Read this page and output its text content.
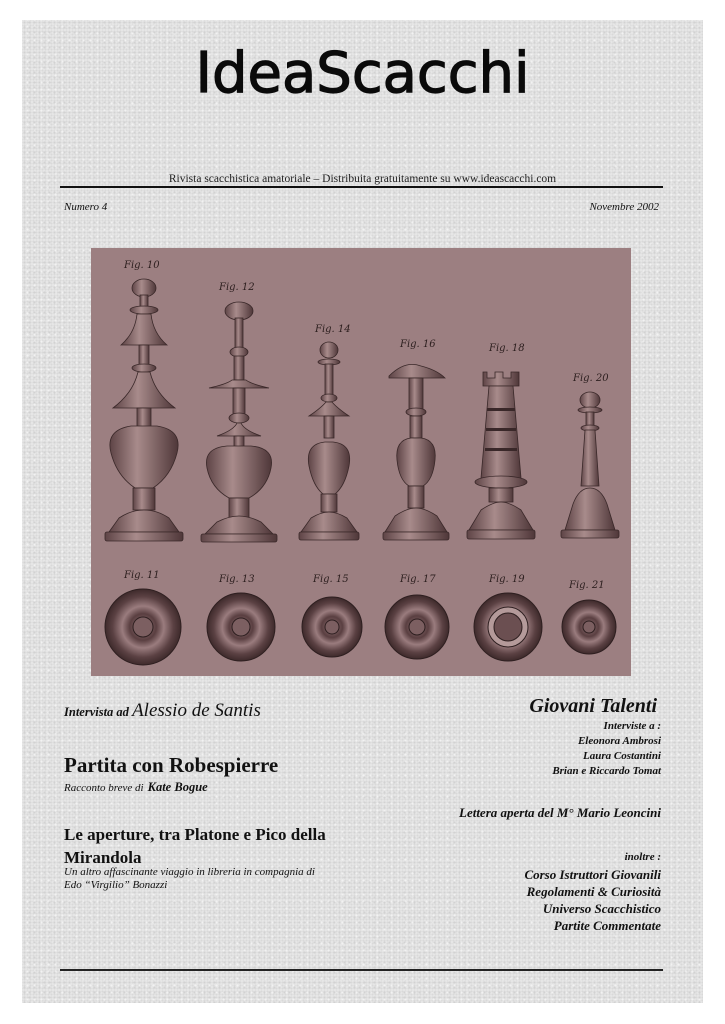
IdeaScacchi
Rivista scacchistica amatoriale – Distribuita gratuitamente su www.ideascacchi.com
Numero 4	Novembre 2002
Fig. 10
Fig. 12
Fig. 14
Fig. 16	Fig. 18
Fig. 20
Fig. 11	Fig. 13	Fig. 15	Fig. 17	Fig. 19
Fig. 21
Intervista ad Alessio de Santis
Partita con Robespierre
Racconto breve di Kate Bogue
Le aperture, tra Platone e Pico della Mirandola
Un altro affascinante viaggio in libreria in compagnia di Edo “Virgilio” Bonazzi
Giovani Talenti
Interviste a :
Eleonora Ambrosi
Laura Costantini
Brian e Riccardo Tomat
Lettera aperta del M° Mario Leoncini
inoltre :
Corso Istruttori Giovanili
Regolamenti & Curiosità
Universo Scacchistico
Partite Commentate
